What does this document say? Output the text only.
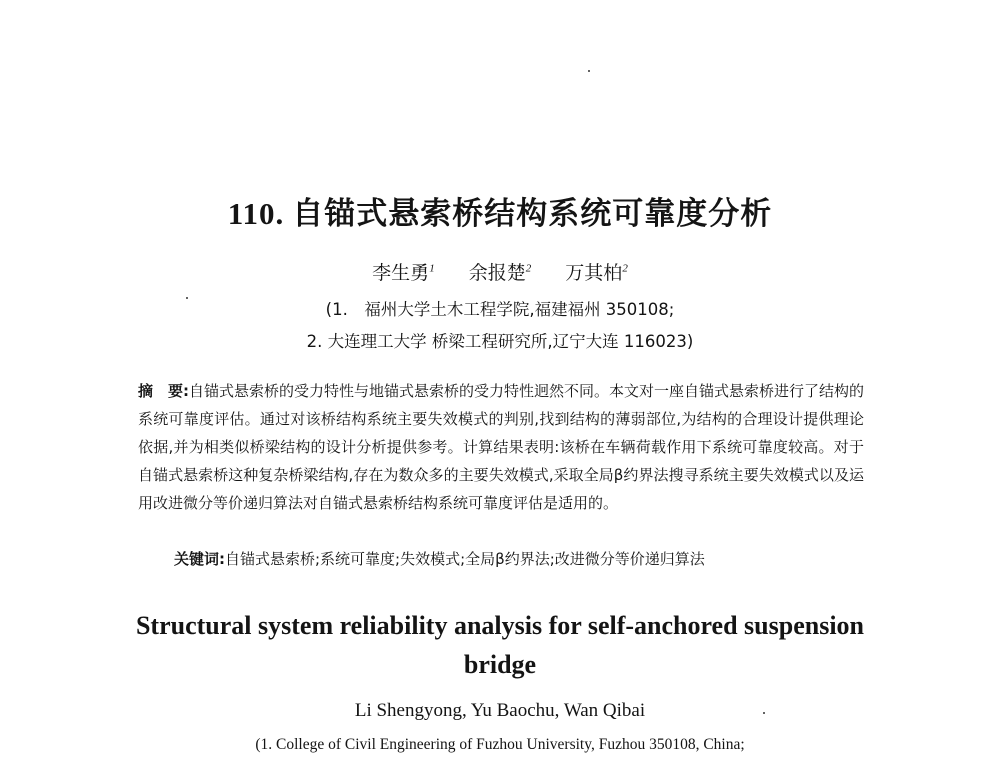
110. 自锚式悬索桥结构系统可靠度分析
李生勇$^1$ 余报楚$^2$ 万其柏$^2$
(1.　福州大学土木工程学院,福建福州 350108;
2. 大连理工大学 桥梁工程研究所,辽宁大连 116023)
摘　要:自锚式悬索桥的受力特性与地锚式悬索桥的受力特性迥然不同。本文对一座自锚式悬索桥进行了结构的系统可靠度评估。通过对该桥结构系统主要失效模式的判别,找到结构的薄弱部位,为结构的合理设计提供理论依据,并为相类似桥梁结构的设计分析提供参考。计算结果表明:该桥在车辆荷载作用下系统可靠度较高。对于自锚式悬索桥这种复杂桥梁结构,存在为数众多的主要失效模式,采取全局β约界法搜寻系统主要失效模式以及运用改进微分等价递归算法对自锚式悬索桥结构系统可靠度评估是适用的。
关键词:自锚式悬索桥;系统可靠度;失效模式;全局β约界法;改进微分等价递归算法
Structural system reliability analysis for self-anchored suspension bridge
Li Shengyong, Yu Baochu, Wan Qibai
(1. College of Civil Engineering of Fuzhou University, Fuzhou 350108, China;
